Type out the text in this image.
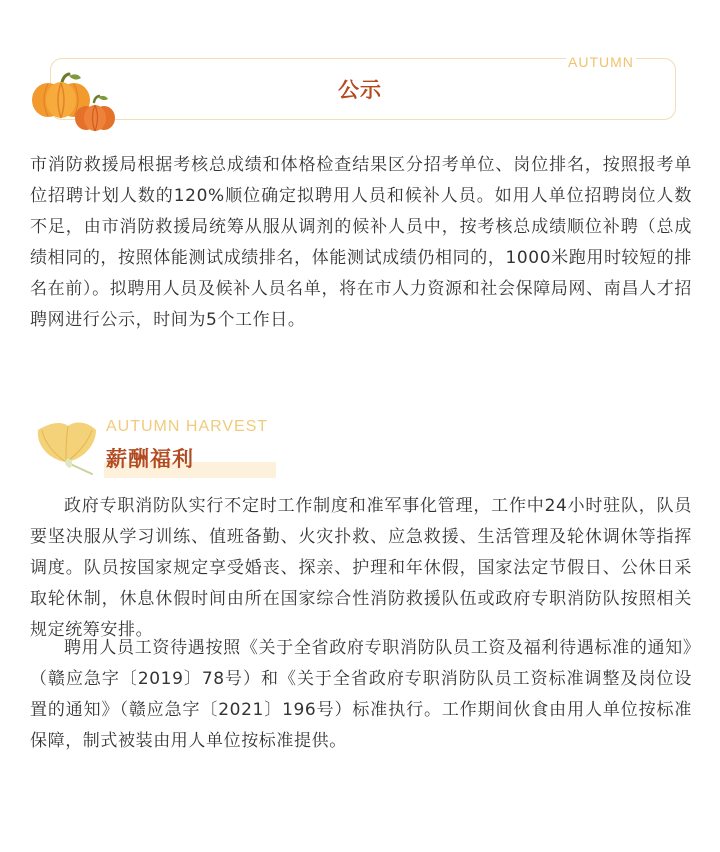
AUTUMN
公示
市消防救援局根据考核总成绩和体格检查结果区分招考单位、岗位排名，按照报考单位招聘计划人数的120%顺位确定拟聘用人员和候补人员。如用人单位招聘岗位人数不足，由市消防救援局统筹从服从调剂的候补人员中，按考核总成绩顺位补聘（总成绩相同的，按照体能测试成绩排名，体能测试成绩仍相同的，1000米跑用时较短的排名在前）。拟聘用人员及候补人员名单，将在市人力资源和社会保障局网、南昌人才招聘网进行公示，时间为5个工作日。
AUTUMN HARVEST
薪酬福利
政府专职消防队实行不定时工作制度和准军事化管理，工作中24小时驻队，队员要坚决服从学习训练、值班备勤、火灾扑救、应急救援、生活管理及轮休调休等指挥调度。队员按国家规定享受婚丧、探亲、护理和年休假，国家法定节假日、公休日采取轮休制，休息休假时间由所在国家综合性消防救援队伍或政府专职消防队按照相关规定统筹安排。
聘用人员工资待遇按照《关于全省政府专职消防队员工资及福利待遇标准的通知》（赣应急字〔2019〕78号）和《关于全省政府专职消防队员工资标准调整及岗位设置的通知》（赣应急字〔2021〕196号）标准执行。工作期间伙食由用人单位按标准保障，制式被装由用人单位按标准提供。
